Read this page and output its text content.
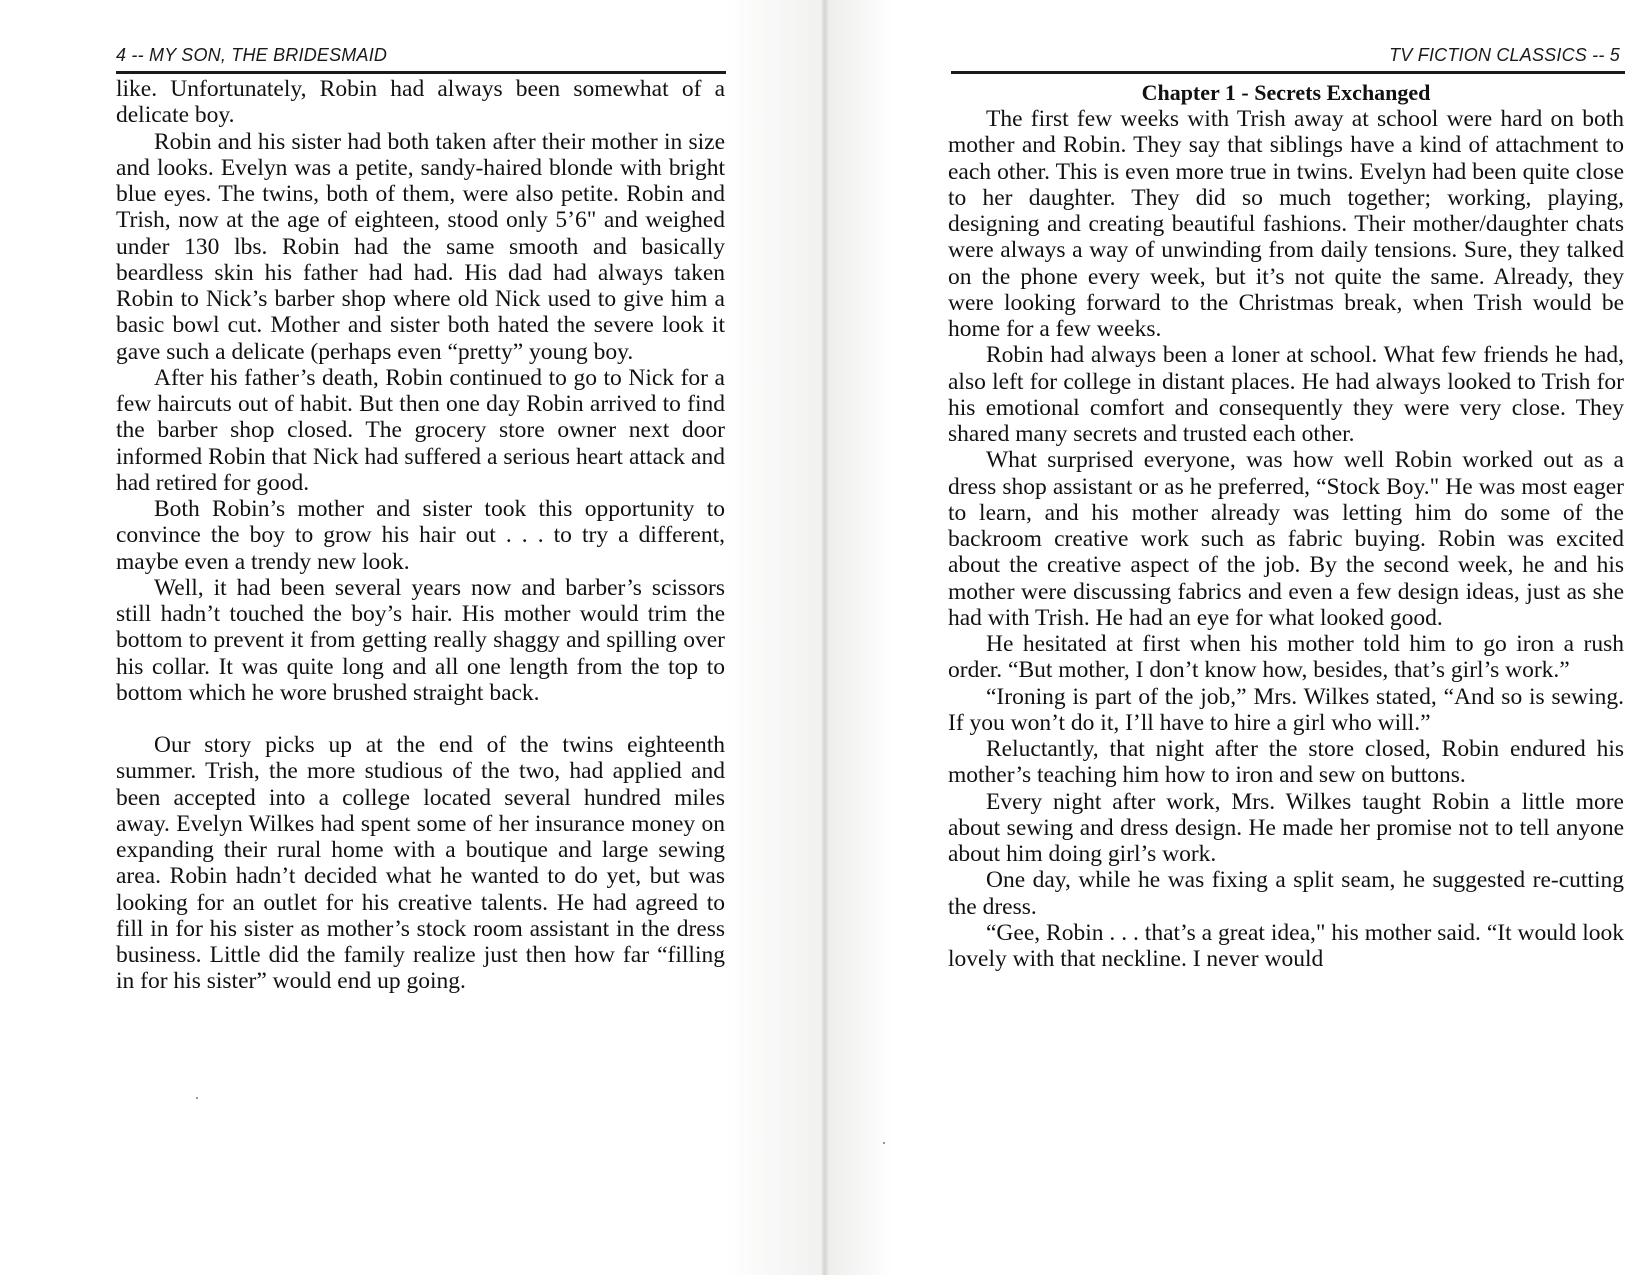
4 -- MY SON, THE BRIDESMAID

like. Unfortunately, Robin had always been somewhat of a delicate boy.

Robin and his sister had both taken after their mother in size and looks. Evelyn was a petite, sandy-haired blonde with bright blue eyes. The twins, both of them, were also petite. Robin and Trish, now at the age of eighteen, stood only 5’6" and weighed under 130 lbs. Robin had the same smooth and basically beardless skin his father had had. His dad had always taken Robin to Nick’s barber shop where old Nick used to give him a basic bowl cut. Mother and sister both hated the severe look it gave such a delicate (perhaps even “pretty” young boy.

After his father’s death, Robin continued to go to Nick for a few haircuts out of habit. But then one day Robin arrived to find the barber shop closed. The grocery store owner next door informed Robin that Nick had suffered a serious heart attack and had retired for good.

Both Robin’s mother and sister took this opportunity to convince the boy to grow his hair out . . . to try a different, maybe even a trendy new look.

Well, it had been several years now and barber’s scissors still hadn’t touched the boy’s hair. His mother would trim the bottom to prevent it from getting really shaggy and spilling over his collar. It was quite long and all one length from the top to bottom which he wore brushed straight back.

Our story picks up at the end of the twins eighteenth summer. Trish, the more studious of the two, had applied and been accepted into a college located several hundred miles away. Evelyn Wilkes had spent some of her insurance money on expanding their rural home with a boutique and large sewing area. Robin hadn’t decided what he wanted to do yet, but was looking for an outlet for his creative talents. He had agreed to fill in for his sister as mother’s stock room assistant in the dress business. Little did the family realize just then how far “filling in for his sister” would end up going.

TV FICTION CLASSICS -- 5

Chapter 1 - Secrets Exchanged

The first few weeks with Trish away at school were hard on both mother and Robin. They say that siblings have a kind of attachment to each other. This is even more true in twins. Evelyn had been quite close to her daughter. They did so much together; working, playing, designing and creating beautiful fashions. Their mother/daughter chats were always a way of unwinding from daily tensions. Sure, they talked on the phone every week, but it’s not quite the same. Already, they were looking forward to the Christmas break, when Trish would be home for a few weeks.

Robin had always been a loner at school. What few friends he had, also left for college in distant places. He had always looked to Trish for his emotional comfort and consequently they were very close. They shared many secrets and trusted each other.

What surprised everyone, was how well Robin worked out as a dress shop assistant or as he preferred, “Stock Boy." He was most eager to learn, and his mother already was letting him do some of the backroom creative work such as fabric buying. Robin was excited about the creative aspect of the job. By the second week, he and his mother were discussing fabrics and even a few design ideas, just as she had with Trish. He had an eye for what looked good.

He hesitated at first when his mother told him to go iron a rush order. “But mother, I don’t know how, besides, that’s girl’s work.”

“Ironing is part of the job,” Mrs. Wilkes stated, “And so is sewing. If you won’t do it, I’ll have to hire a girl who will.”

Reluctantly, that night after the store closed, Robin endured his mother’s teaching him how to iron and sew on buttons.

Every night after work, Mrs. Wilkes taught Robin a little more about sewing and dress design. He made her promise not to tell anyone about him doing girl’s work.

One day, while he was fixing a split seam, he suggested re-cutting the dress.

“Gee, Robin . . . that’s a great idea," his mother said. “It would look lovely with that neckline. I never would
